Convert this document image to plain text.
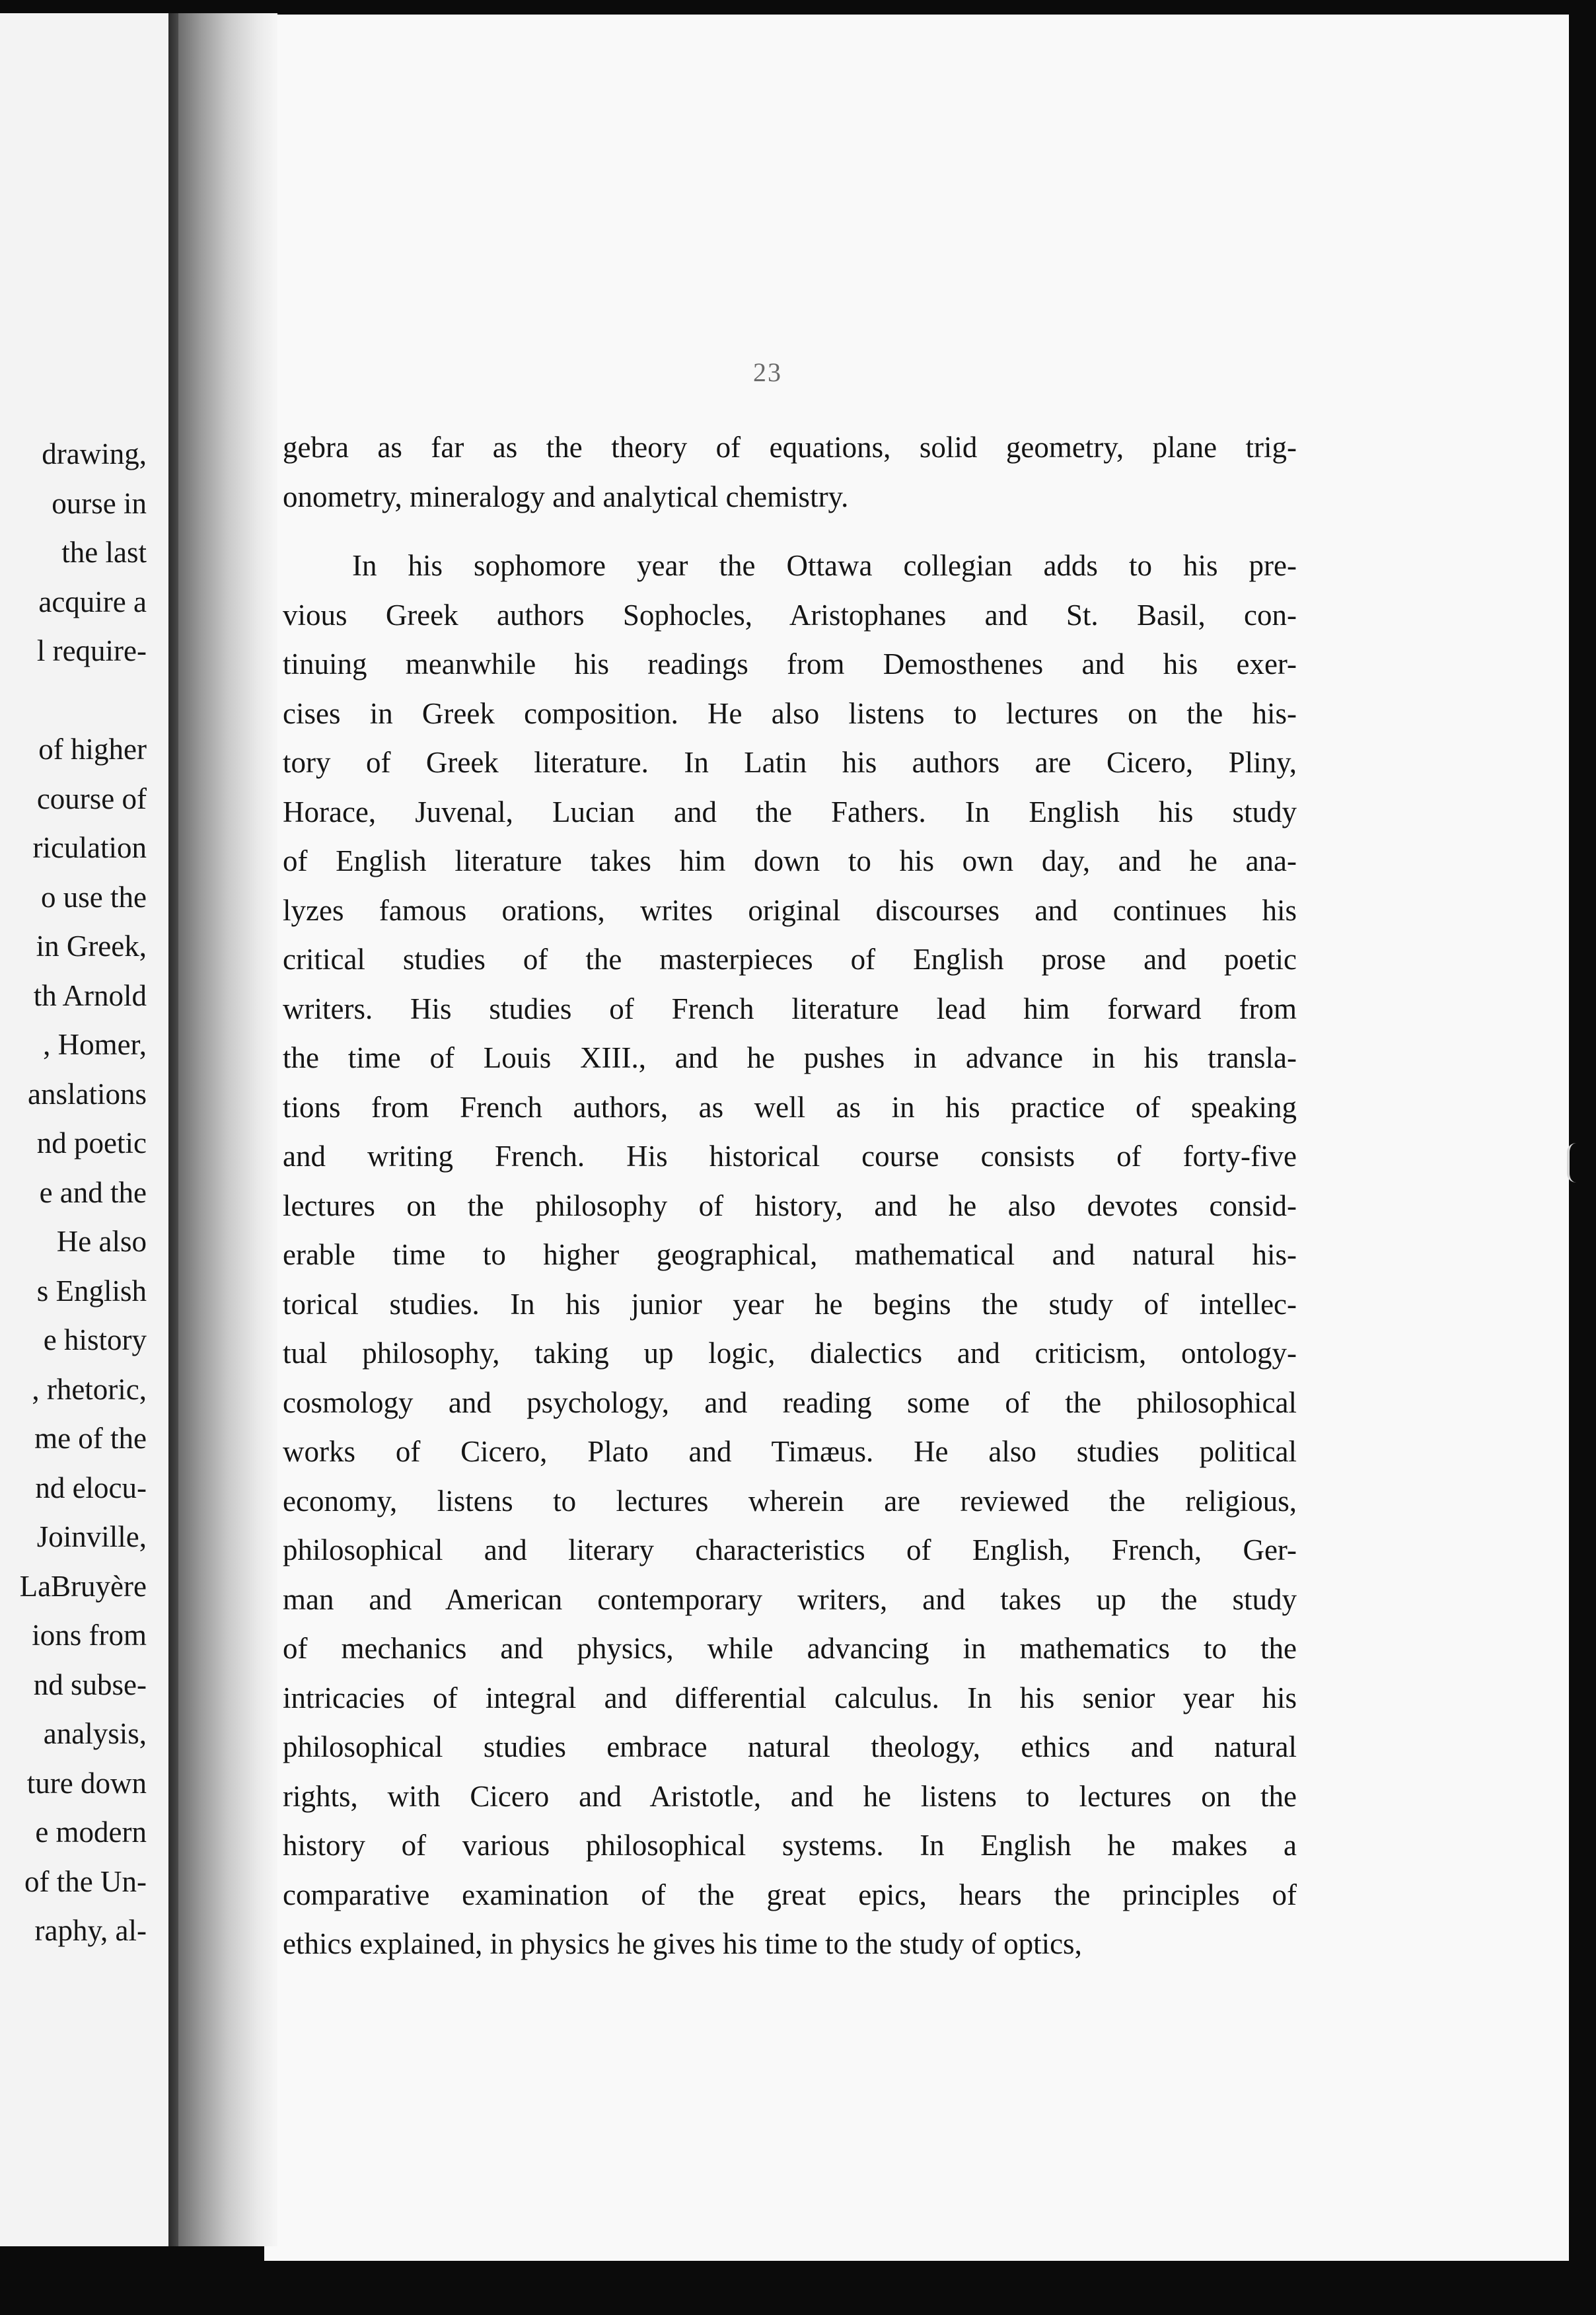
drawing,
ourse in
the last
acquire a
l require-
of higher
course of
riculation
o use the
in Greek,
th Arnold
, Homer,
anslations
nd poetic
e and the
He also
s English
e history
, rhetoric,
me of the
nd elocu-
Joinville,
LaBruyère
ions from
nd subse-
analysis,
ture down
e modern
of the Un-
raphy, al-
23
gebra as far as the theory of equations, solid geometry, plane trig-
onometry, mineralogy and analytical chemistry.
In his sophomore year the Ottawa collegian adds to his pre-
vious Greek authors Sophocles, Aristophanes and St. Basil, con-
tinuing meanwhile his readings from Demosthenes and his exer-
cises in Greek composition. He also listens to lectures on the his-
tory of Greek literature. In Latin his authors are Cicero, Pliny,
Horace, Juvenal, Lucian and the Fathers. In English his study
of English literature takes him down to his own day, and he ana-
lyzes famous orations, writes original discourses and continues his
critical studies of the masterpieces of English prose and poetic
writers. His studies of French literature lead him forward from
the time of Louis XIII., and he pushes in advance in his transla-
tions from French authors, as well as in his practice of speaking
and writing French. His historical course consists of forty-five
lectures on the philosophy of history, and he also devotes consid-
erable time to higher geographical, mathematical and natural his-
torical studies. In his junior year he begins the study of intellec-
tual philosophy, taking up logic, dialectics and criticism, ontology-
cosmology and psychology, and reading some of the philosophical
works of Cicero, Plato and Timæus. He also studies political
economy, listens to lectures wherein are reviewed the religious,
philosophical and literary characteristics of English, French, Ger-
man and American contemporary writers, and takes up the study
of mechanics and physics, while advancing in mathematics to the
intricacies of integral and differential calculus. In his senior year his
philosophical studies embrace natural theology, ethics and natural
rights, with Cicero and Aristotle, and he listens to lectures on the
history of various philosophical systems. In English he makes a
comparative examination of the great epics, hears the principles of
ethics explained, in physics he gives his time to the study of optics,
